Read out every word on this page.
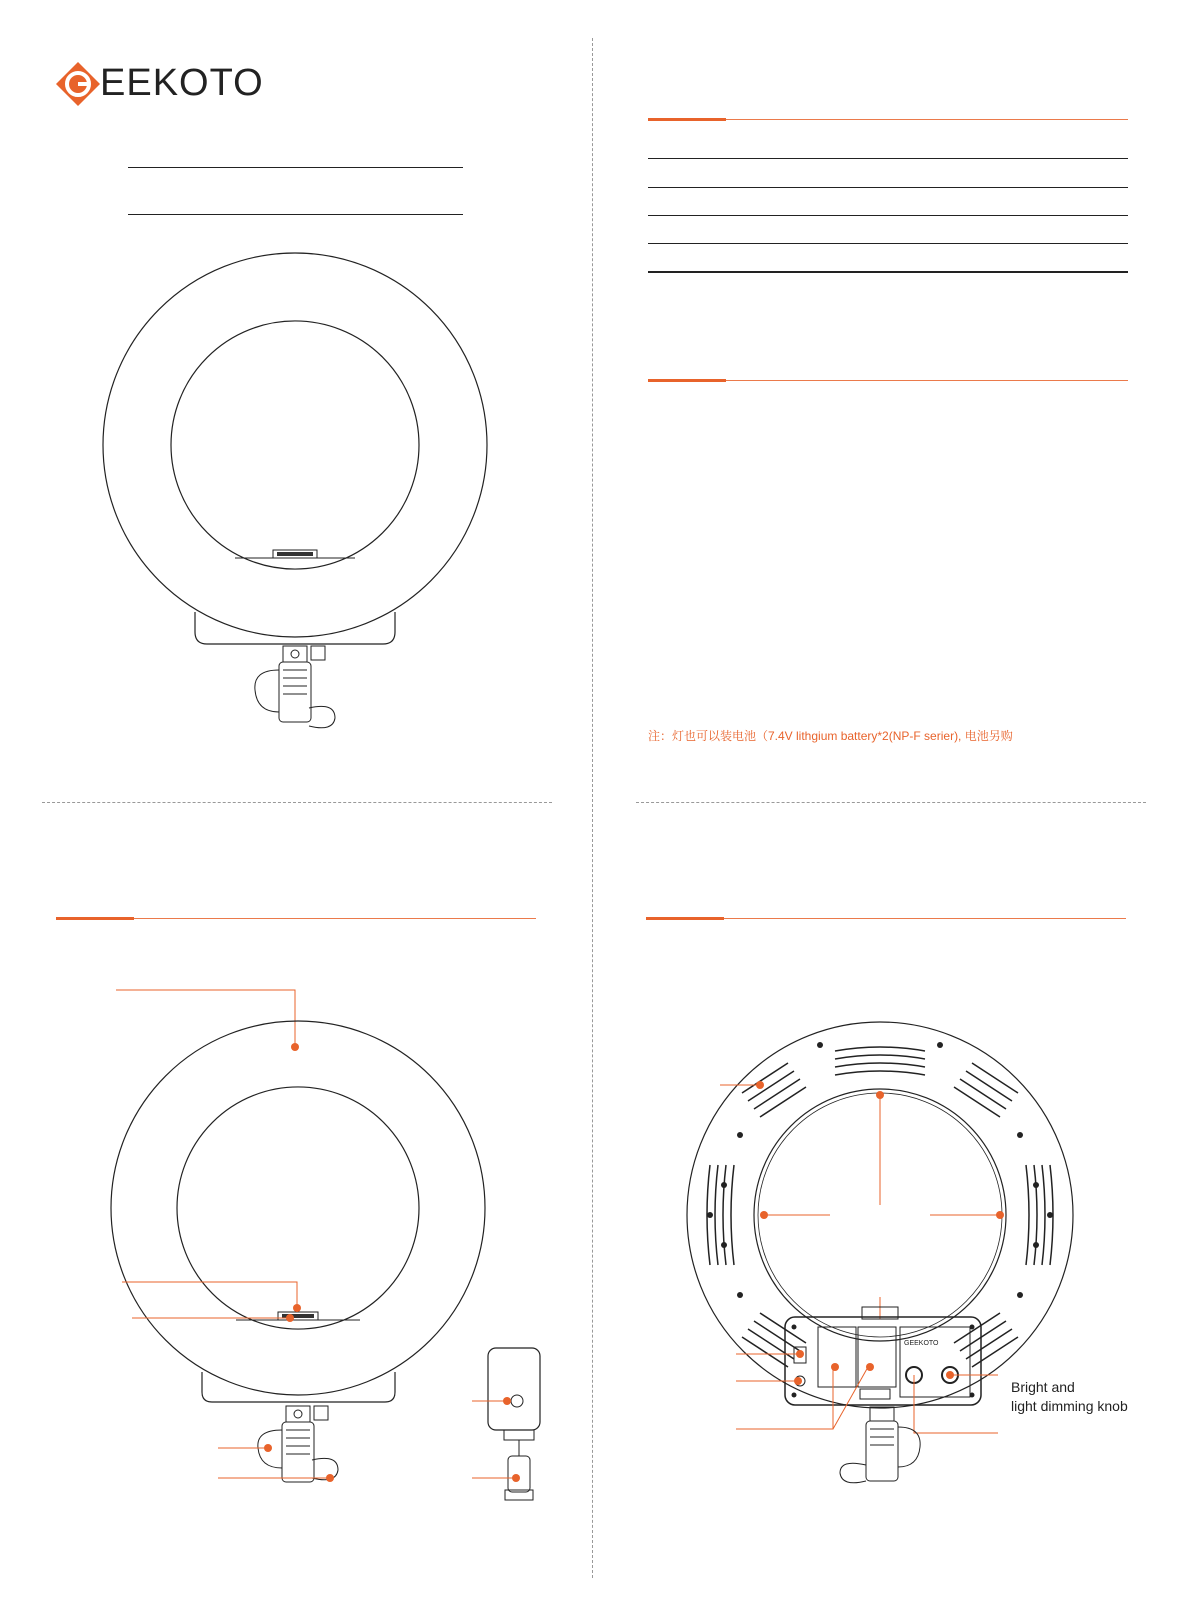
EEKOTO
注：灯也可以装电池（7.4V lithgium battery*2(NP-F serier), 电池另购
GEEKOTO
Bright and
light dimming knob
